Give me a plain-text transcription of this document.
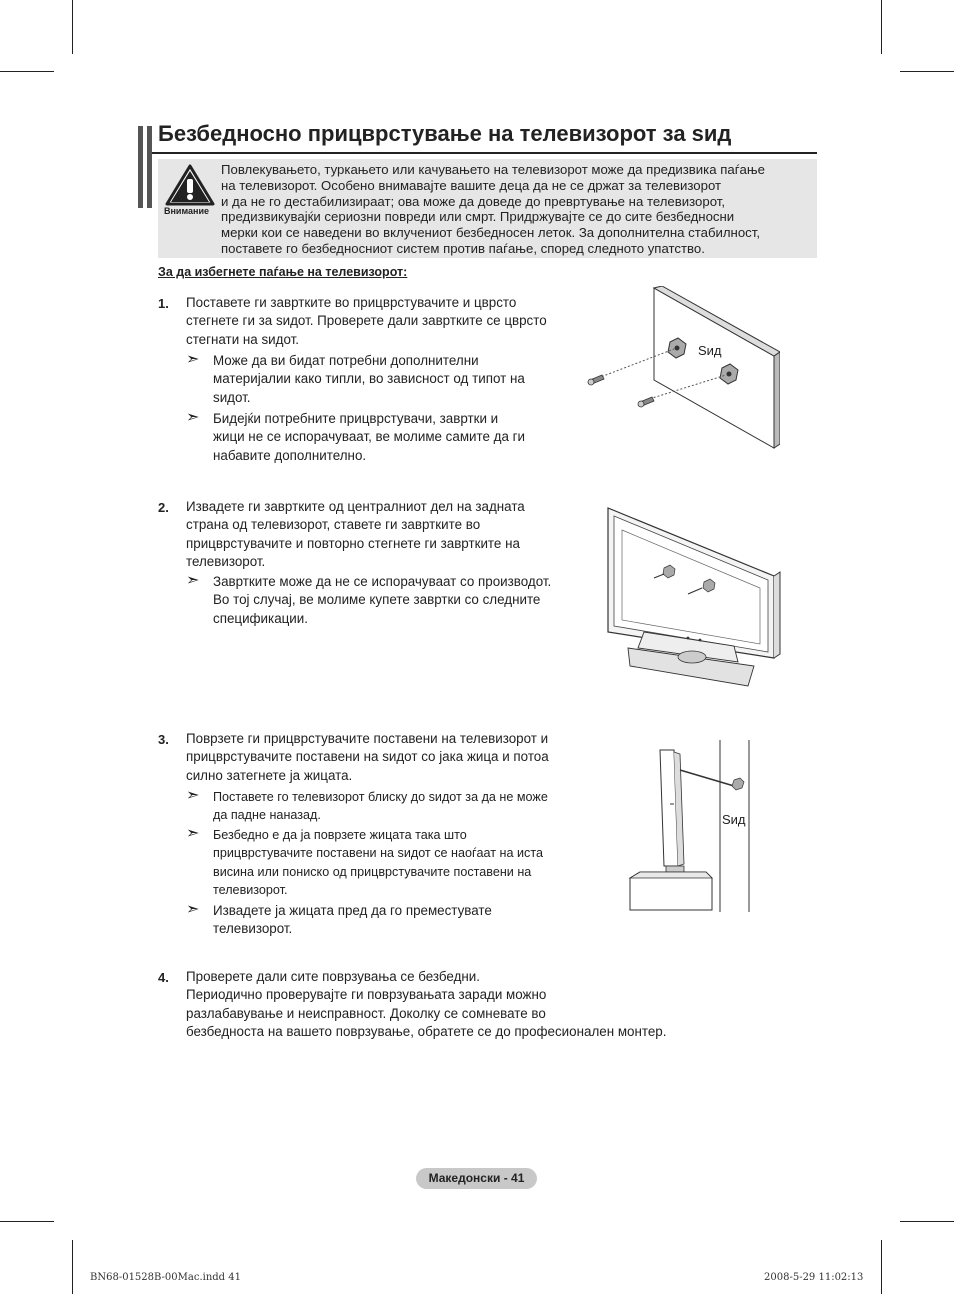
Безбедносно прицврстување на телевизорот за ѕид
Внимание
Повлекувањето, туркањето или качувањето на телевизорот може да предизвика паѓање
на телевизорот. Особено внимавајте вашите деца да не се држат за телевизорот
и да не го дестабилизираат; ова може да доведе до превртување на телевизорот,
предизвикувајќи сериозни повреди или смрт. Придржувајте се до сите безбедносни
мерки кои се наведени во вклучениот безбедносен леток. За дополнителна стабилност,
поставете го безбедносниот систем против паѓање, според следното упатство.
За да избегнете паѓање на телевизорот:
1. Поставете ги завртките во прицврстувачите и цврсто
стегнете ги за ѕидот. Проверете дали завртките се цврсто
стегнати на ѕидот.
➣ Може да ви бидат потребни дополнителни
материјалии како типли, во зависност од типот на
ѕидот.
➣ Бидејќи потребните прицврстувачи, завртки и
жици не се испорачуваат, ве молиме самите да ги
набавите дополнително.
Ѕид
2. Извадете ги завртките од централниот дел на задната
страна од телевизорот, ставете ги завртките во
прицврстувачите и повторно стегнете ги завртките на
телевизорот.
➣ Завртките може да не се испорачуваат со производот.
Во тој случај, ве молиме купете завртки со следните
спецификации.
3. Поврзете ги прицврстувачите поставени на телевизорот и
прицврстувачите поставени на ѕидот со јака жица и потоа
силно затегнете ја жицата.
➣ Поставете го телевизорот блиску до ѕидот за да не може
да падне наназад.
➣ Безбедно е да ја поврзете жицата така што
прицврстувачите поставени на ѕидот се наоѓаат на иста
висина или пониско од прицврстувачите поставени на
телевизорот.
➣ Извадете ја жицата пред да го преместувате
телевизорот.
Ѕид
4. Проверете дали сите поврзувања се безбедни.
Периодично проверувајте ги поврзувањата заради можно
разлабавување и неисправност. Доколку се сомневате во
безбедноста на вашето поврзување, обратете се до професионален монтер.
Македонски - 41
BN68-01528B-00Mac.indd 41	2008-5-29 11:02:13
